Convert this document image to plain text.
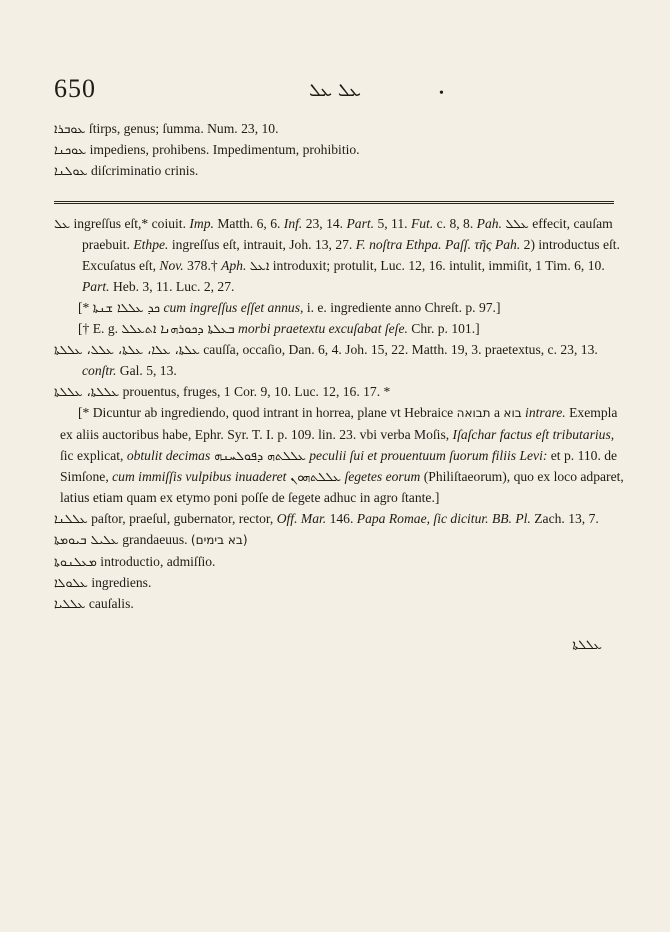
650	ܥܠ ܥܠ	•

ܥܘܒܪܐ ſtirps, genus; ſumma. Num. 23, 10.

ܥܘܟܢܐ impediens, prohibens. Impedimentum, prohibitio.

ܥܘܠܢܐ diſcriminatio crinis.

ܥܠ ingreſſus eſt,* coiuit. Imp. Matth. 6, 6. Inf. 23, 14. Part. 5, 11. Fut. c. 8, 8. Pah. ܥܠܠ effecit, cauſam praebuit. Ethpe. ingreſſus eſt, intrauit, Joh. 13, 27. F. noſtra Ethpa. Paſſ. τῆς Pah. 2) introductus eſt. Excuſatus eſt, Nov. 378.† Aph. ܐܥܠ introduxit; protulit, Luc. 12, 16. intulit, immiſit, 1 Tim. 6, 10. Part. Heb. 3, 11. Luc. 2, 27.

[* ܟܕ ܥܠܠܐ ܫܢܬܐ cum ingreſſus eſſet annus, i. e. ingrediente anno Chreſt. p. 97.]

[† E. g. ܒܥܠܬܐ ܕܟܘܪܗܢܐ ܐܬܥܠܠ morbi praetextu excuſabat ſeſe. Chr. p. 101.]

ܥܠܬܐ، ܥܠܐ، ܥܠܬܐ، ܥܠܠ، ܥܠܠܬܐ cauſſa, occaſio, Dan. 6, 4. Joh. 15, 22. Matth. 19, 3. praetextus, c. 23, 13. conſtr. Gal. 5, 13.

ܥܠܠܬܐ، ܥܠܠܬܐ prouentus, fruges, 1 Cor. 9, 10. Luc. 12, 16. 17. *

[* Dicuntur ab ingrediendo, quod intrant in horrea, plane vt Hebraice תבואה a בוא intrare. Exempla ex aliis auctoribus habe, Ephr. Syr. T. I. p. 109. lin. 23. vbi verba Moſis, Iſaſchar factus eſt tributarius, ſic explicat, obtulit decimas ܥܠܠܬܗ ܕܦܘܠܚܢܗ peculii ſui et prouentuum ſuorum filiis Levi: et p. 110. de Simſone, cum immiſſis vulpibus inuaderet ܥܠܠܬܗܘܢ ſegetes eorum (Philiſtaeorum), quo ex loco adparet, latius etiam quam ex etymo poni poſſe de ſegete adhuc in agro ſtante.]

ܥܠܠܢܐ paſtor, praeſul, gubernator, rector, Off. Mar. 146. Papa Romae, ſic dicitur. BB. Pl. Zach. 13, 7.

ܥܠܝܠ ܒܝܘܡܬܐ grandaeuus. (בא בימים)

ܡܥܠܢܘܬܐ introductio, admiſſio.

ܥܠܘܠܐ ingrediens.

ܥܠܠܝܐ cauſalis.

ܥܠܠܬܐ
